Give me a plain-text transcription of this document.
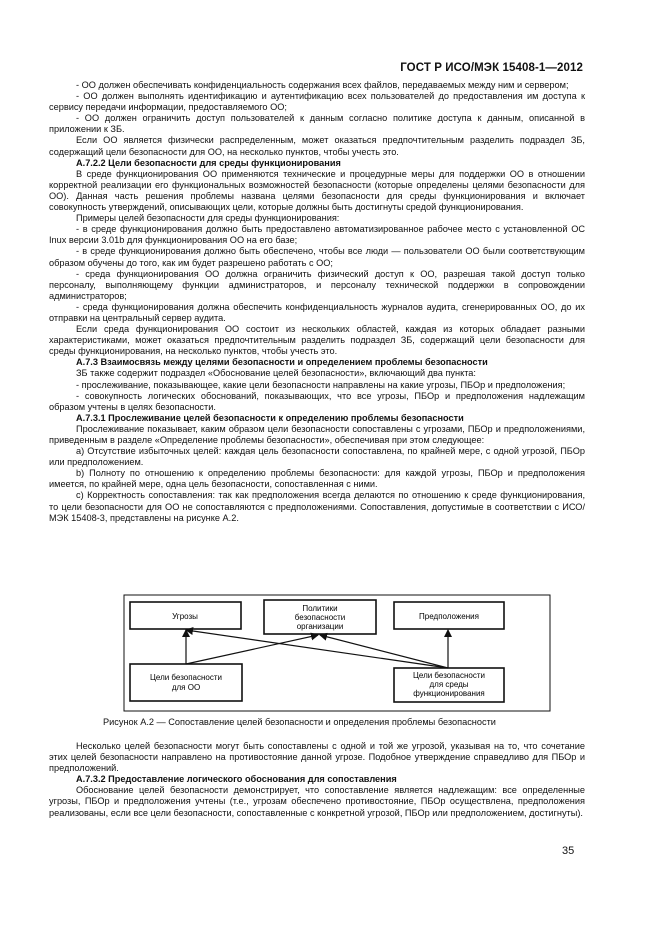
ГОСТ Р ИСО/МЭК 15408-1—2012

- ОО должен обеспечивать конфиденциальность содержания всех файлов, передаваемых между ним и сервером;

- ОО должен выполнять идентификацию и аутентификацию всех пользователей до предоставления им доступа к сервису передачи информации, предоставляемого ОО;

- ОО должен ограничить доступ пользователей к данным согласно политике доступа к данным, описанной в приложении к ЗБ.

Если ОО является физически распределенным, может оказаться предпочтительным разделить подраздел ЗБ, содержащий цели безопасности для ОО, на несколько пунктов, чтобы учесть это.

А.7.2.2 Цели безопасности для среды функционирования

В среде функционирования ОО применяются технические и процедурные меры для поддержки ОО в отношении корректной реализации его функциональных возможностей безопасности (которые определены целями безопасности для ОО). Данная часть решения проблемы названа целями безопасности для среды функционирования и включает совокупность утверждений, описывающих цели, которые должны быть достигнуты средой функционирования.

Примеры целей безопасности для среды функционирования:

- в среде функционирования должно быть предоставлено автоматизированное рабочее место с установленной ОС Inux версии 3.01b для функционирования ОО на его базе;

- в среде функционирования должно быть обеспечено, чтобы все люди — пользователи ОО были соответствующим образом обучены до того, как им будет разрешено работать с ОО;

- среда функционирования ОО должна ограничить физический доступ к ОО, разрешая такой доступ только персоналу, выполняющему функции администраторов, и персоналу технической поддержки в сопровождении администраторов;

- среда функционирования должна обеспечить конфиденциальность журналов аудита, сгенерированных ОО, до их отправки на центральный сервер аудита.

Если среда функционирования ОО состоит из нескольких областей, каждая из которых обладает разными характеристиками, может оказаться предпочтительным разделить подраздел ЗБ, содержащий цели безопасности для среды функционирования, на несколько пунктов, чтобы учесть это.

А.7.3 Взаимосвязь между целями безопасности и определением проблемы безопасности

ЗБ также содержит подраздел «Обоснование целей безопасности», включающий два пункта:

- прослеживание, показывающее, какие цели безопасности направлены на какие угрозы, ПБОр и предположения;

- совокупность логических обоснований, показывающих, что все угрозы, ПБОр и предположения надлежащим образом учтены в целях безопасности.

А.7.3.1 Прослеживание целей безопасности к определению проблемы безопасности

Прослеживание показывает, каким образом цели безопасности сопоставлены с угрозами, ПБОр и предположениями, приведенным в разделе «Определение проблемы безопасности», обеспечивая при этом следующее:

а) Отсутствие избыточных целей: каждая цель безопасности сопоставлена, по крайней мере, с одной угрозой, ПБОр или предположением.

b) Полноту по отношению к определению проблемы безопасности: для каждой угрозы, ПБОр и предположения имеется, по крайней мере, одна цель безопасности, сопоставленная с ними.

с) Корректность сопоставления: так как предположения всегда делаются по отношению к среде функционирования, то цели безопасности для ОО не сопоставляются с предположениями. Сопоставления, допустимые в соответствии с ИСО/МЭК 15408-3, представлены на рисунке А.2.

Угрозы
Политики
безопасности
организации
Предположения
Цели безопасности
для ОО
Цели безопасности
для среды
функционирования
Рисунок А.2 — Сопоставление целей безопасности и определения проблемы безопасности

Несколько целей безопасности могут быть сопоставлены с одной и той же угрозой, указывая на то, что сочетание этих целей безопасности направлено на противостояние данной угрозе. Подобное утверждение справедливо для ПБОр и предположений.

А.7.3.2 Предоставление логического обоснования для сопоставления

Обоснование целей безопасности демонстрирует, что сопоставление является надлежащим: все определенные угрозы, ПБОр и предположения учтены (т.е., угрозам обеспечено противостояние, ПБОр осуществлена, предположения реализованы, если все цели безопасности, сопоставленные с конкретной угрозой, ПБОр или предположением, достигнуты).

35
